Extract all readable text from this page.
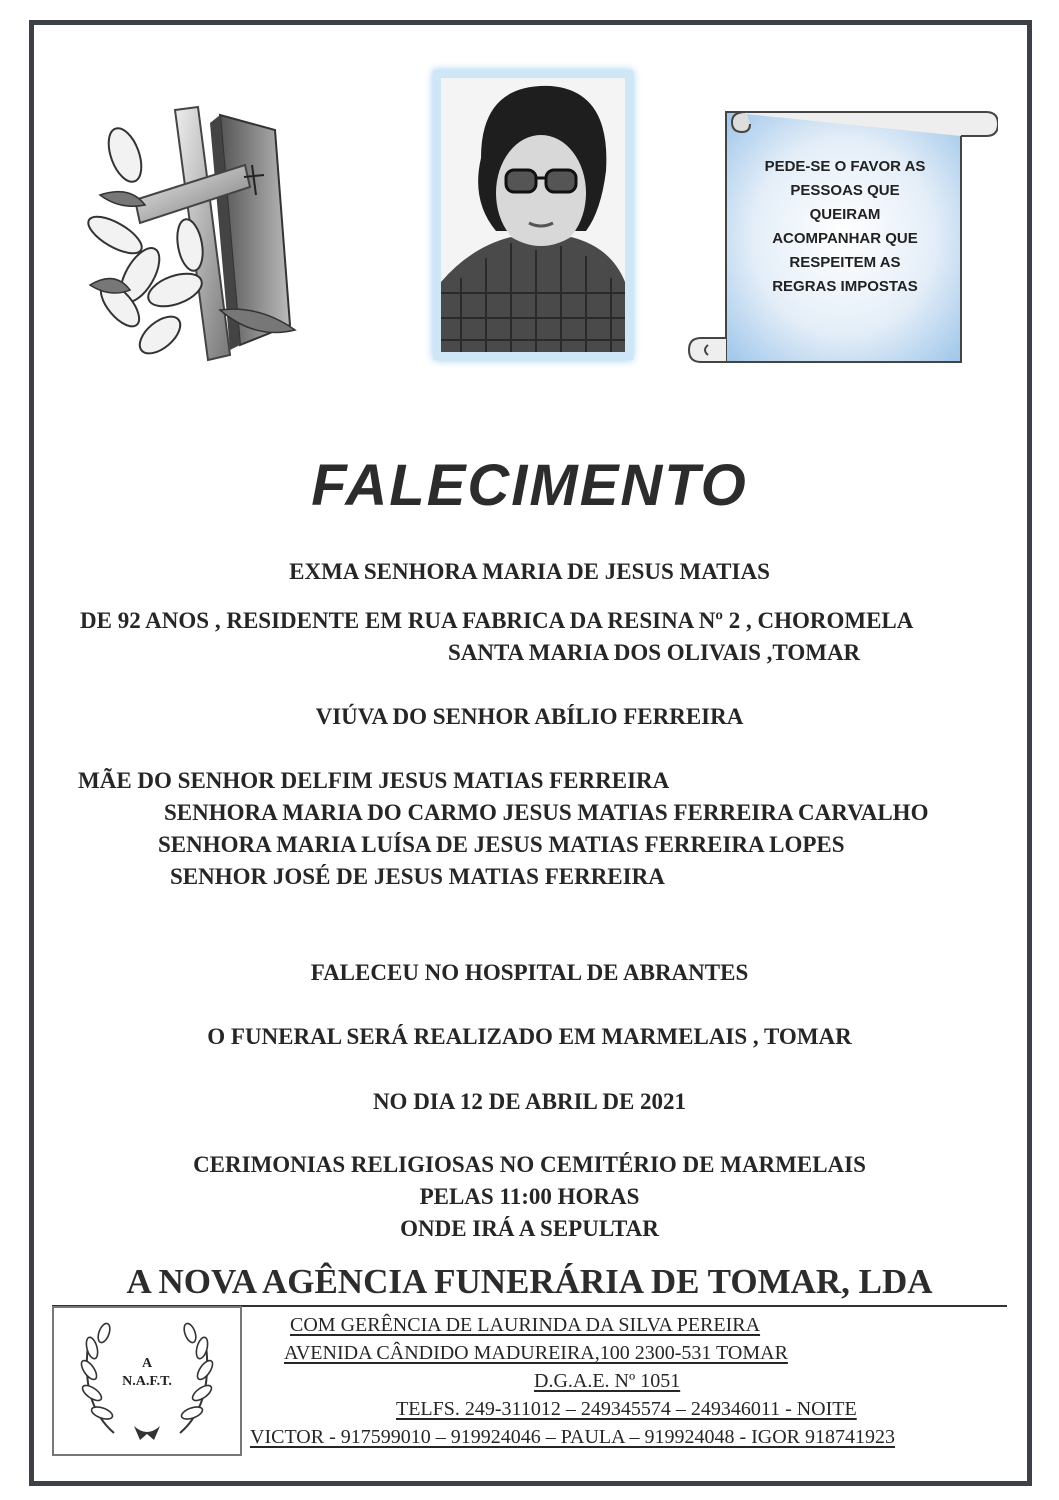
PEDE-SE O FAVOR AS
PESSOAS QUE
QUEIRAM
ACOMPANHAR QUE
RESPEITEM AS
REGRAS IMPOSTAS
FALECIMENTO
EXMA SENHORA MARIA DE JESUS MATIAS
DE 92 ANOS , RESIDENTE EM RUA FABRICA DA RESINA Nº 2 , CHOROMELA
SANTA MARIA DOS OLIVAIS ,TOMAR
VIÚVA DO SENHOR ABÍLIO FERREIRA
MÃE DO SENHOR DELFIM JESUS MATIAS FERREIRA
SENHORA MARIA DO CARMO JESUS MATIAS FERREIRA CARVALHO
SENHORA MARIA LUÍSA DE JESUS MATIAS FERREIRA LOPES
SENHOR JOSÉ DE JESUS MATIAS FERREIRA
FALECEU NO HOSPITAL DE ABRANTES
O FUNERAL SERÁ REALIZADO EM MARMELAIS , TOMAR
NO DIA 12 DE ABRIL DE 2021
CERIMONIAS RELIGIOSAS NO CEMITÉRIO DE MARMELAIS
PELAS 11:00 HORAS
ONDE IRÁ A SEPULTAR
A NOVA AGÊNCIA FUNERÁRIA DE TOMAR, LDA
A
N.A.F.T.
COM GERÊNCIA DE LAURINDA DA SILVA PEREIRA
AVENIDA CÂNDIDO MADUREIRA,100 2300-531 TOMAR
D.G.A.E. Nº 1051
TELFS. 249-311012 – 249345574 – 249346011 - NOITE
VICTOR - 917599010 – 919924046 – PAULA – 919924048 - IGOR 918741923
